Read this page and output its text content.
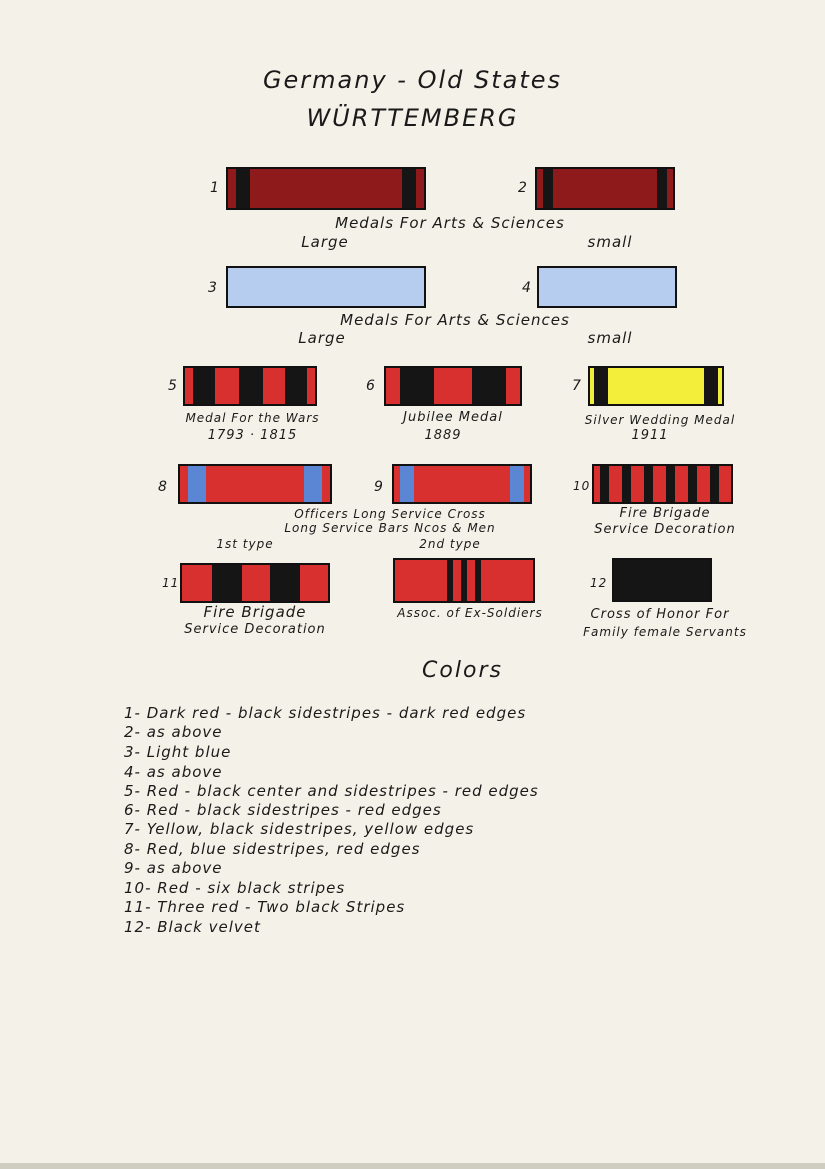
Germany - Old States
WÜRTTEMBERG
1	2
Medals For Arts & Sciences
Large	small
3	4
Medals For Arts & Sciences
Large	small
5
Medal For the Wars
1793 · 1815
6
Jubilee Medal
1889
7
Silver Wedding Medal
1911
8	9	10
Officers Long Service Cross
Long Service Bars Ncos & Men
1st type	2nd type
Fire Brigade
Service Decoration
11
Fire Brigade
Service Decoration
Assoc. of Ex-Soldiers
12
Cross of Honor For
Family female Servants
Colors
1- Dark red - black sidestripes - dark red edges
2- as above
3- Light blue
4- as above
5- Red - black center and sidestripes - red edges
6- Red - black sidestripes - red edges
7- Yellow, black sidestripes, yellow edges
8- Red, blue sidestripes, red edges
9- as above
10- Red - six black stripes
11- Three red - Two black Stripes
12- Black velvet
